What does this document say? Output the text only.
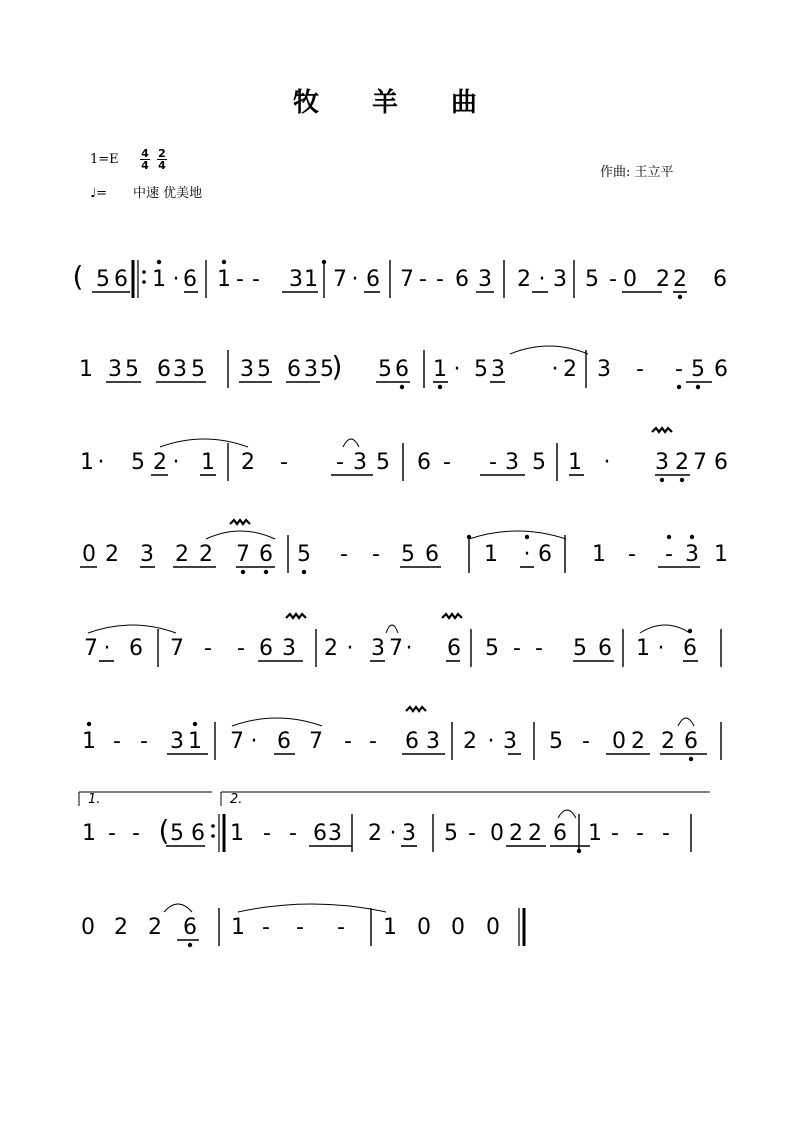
牧 羊 曲
$1=E \frac{4}{4} \frac{2}{4}$
♩=　　中速 优美地
作曲: 王立平
( 5 6 1 · 6 1 - - 3 1 7 · 6 7 - - 6 3 2 · 3 5 - 0 2 2 6
1 3 5 6 3 5 3 5 6 3 5
) 5 6 1 · 5 3 · 2 3 - - 5 6
1 · 5 2 · 1 2 - - 3 5 6 - - 3 5 1 · 3 2 7 6
0 2 3 2 2 7 6 5 - - 5 6 1 · 6 1 - - 3 1
7 · 6 7 - - 6 3 2 · 3 7 · 6 5 - - 5 6 1 · 6
1 - - 3 1 7 · 6 7 - - 6 3 2 · 3 5 - 0 2 2 6
1 - - ( 5 6 1 - - 6 3 2 · 3 5 - 0 2 2 6 1 - - -
0 2 2 6 1 - - - 1 0 0 0
1.	2.
